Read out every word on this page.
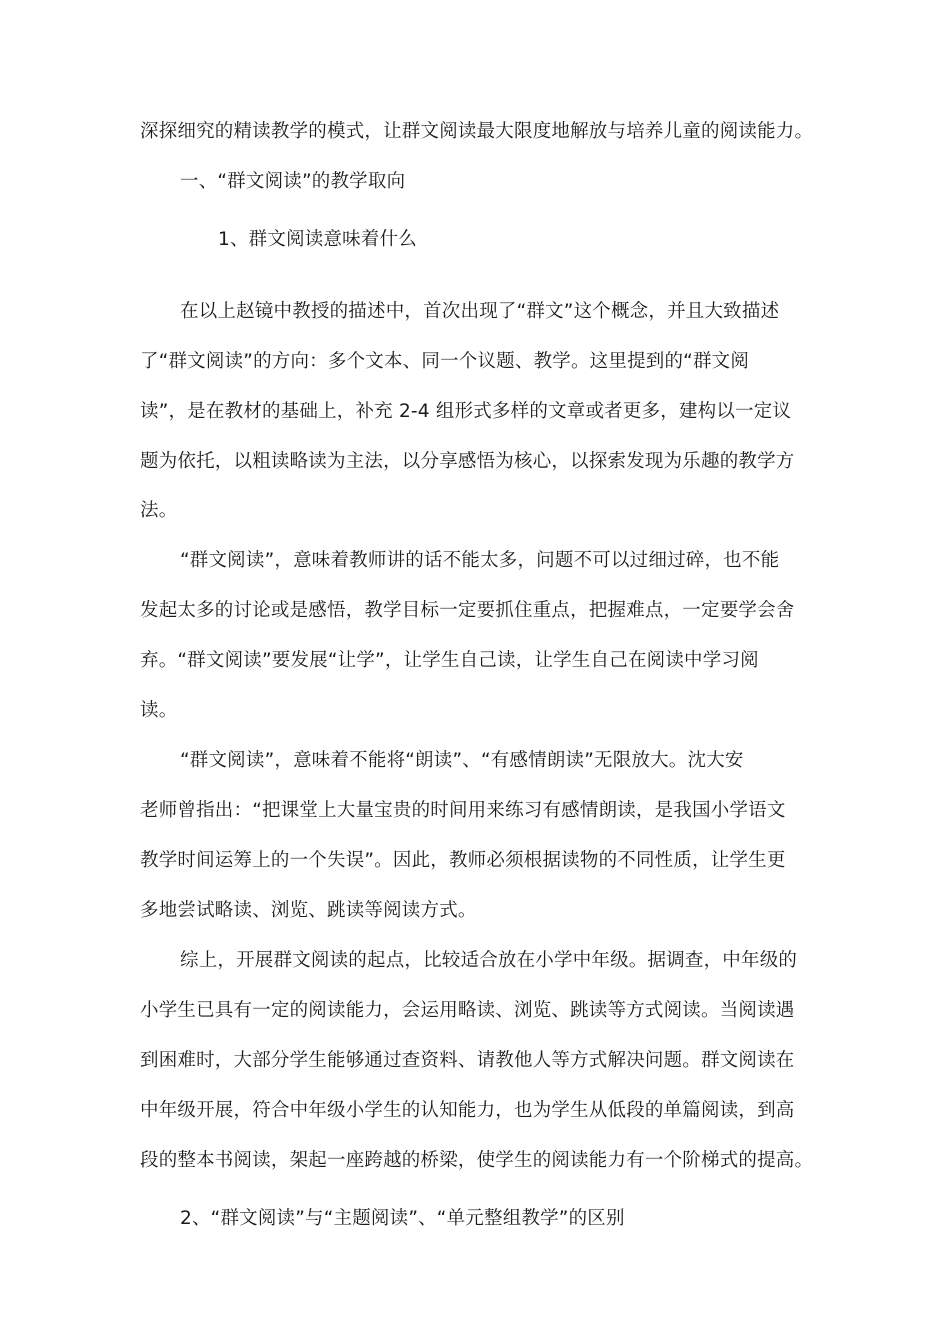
深探细究的精读教学的模式，让群文阅读最大限度地解放与培养儿童的阅读能力。
一、“群文阅读”的教学取向
1、群文阅读意味着什么
在以上赵镜中教授的描述中，首次出现了“群文”这个概念，并且大致描述
了“群文阅读”的方向：多个文本、同一个议题、教学。这里提到的“群文阅
读”，是在教材的基础上，补充 2-4 组形式多样的文章或者更多，建构以一定议
题为依托，以粗读略读为主法，以分享感悟为核心，以探索发现为乐趣的教学方
法。
“群文阅读”，意味着教师讲的话不能太多，问题不可以过细过碎，也不能
发起太多的讨论或是感悟，教学目标一定要抓住重点，把握难点，一定要学会舍
弃。“群文阅读”要发展“让学”，让学生自己读，让学生自己在阅读中学习阅
读。
“群文阅读”，意味着不能将“朗读”、“有感情朗读”无限放大。沈大安
老师曾指出：“把课堂上大量宝贵的时间用来练习有感情朗读，是我国小学语文
教学时间运筹上的一个失误”。因此，教师必须根据读物的不同性质，让学生更
多地尝试略读、浏览、跳读等阅读方式。
综上，开展群文阅读的起点，比较适合放在小学中年级。据调查，中年级的
小学生已具有一定的阅读能力，会运用略读、浏览、跳读等方式阅读。当阅读遇
到困难时，大部分学生能够通过查资料、请教他人等方式解决问题。群文阅读在
中年级开展，符合中年级小学生的认知能力，也为学生从低段的单篇阅读，到高
段的整本书阅读，架起一座跨越的桥梁，使学生的阅读能力有一个阶梯式的提高。
2、“群文阅读”与“主题阅读”、“单元整组教学”的区别
